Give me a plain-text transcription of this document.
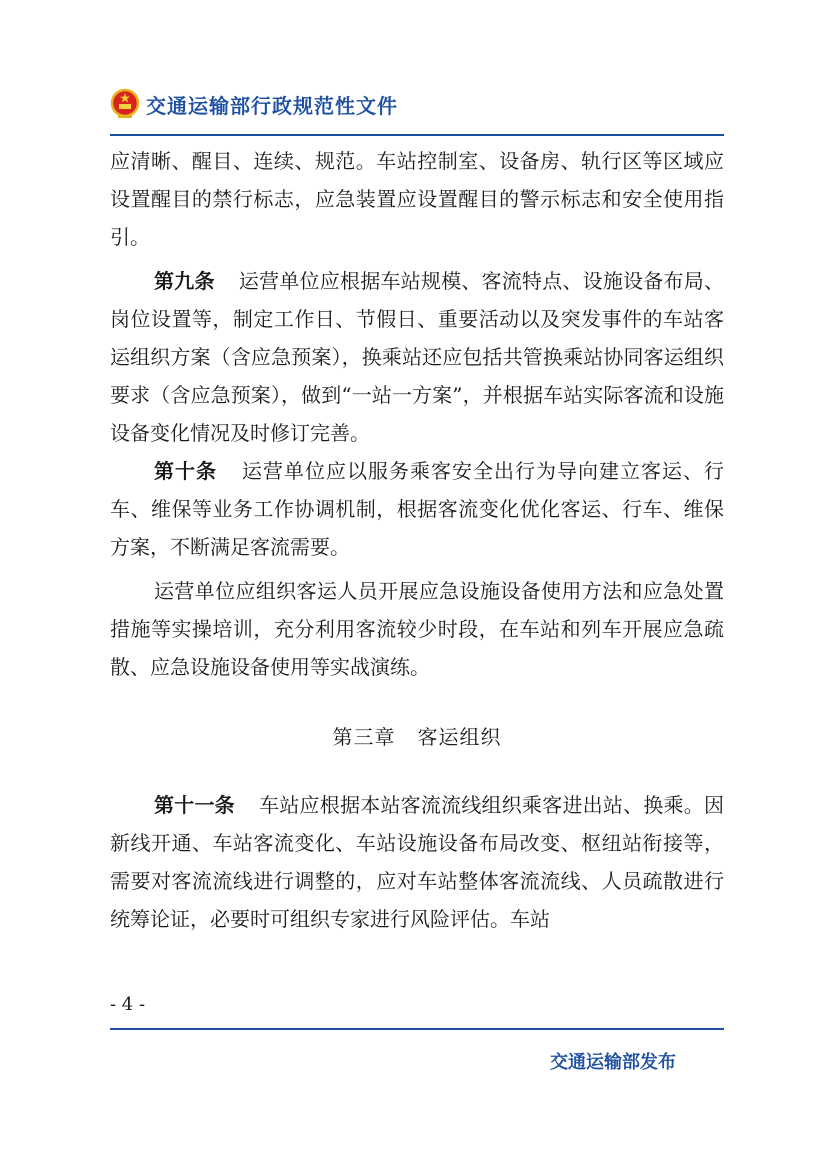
交通运输部行政规范性文件

应清晰、醒目、连续、规范。车站控制室、设备房、轨行区等区域应设置醒目的禁行标志，应急装置应设置醒目的警示标志和安全使用指引。

第九条 运营单位应根据车站规模、客流特点、设施设备布局、岗位设置等，制定工作日、节假日、重要活动以及突发事件的车站客运组织方案（含应急预案），换乘站还应包括共管换乘站协同客运组织要求（含应急预案），做到“一站一方案”，并根据车站实际客流和设施设备变化情况及时修订完善。

第十条 运营单位应以服务乘客安全出行为导向建立客运、行车、维保等业务工作协调机制，根据客流变化优化客运、行车、维保方案，不断满足客流需要。

运营单位应组织客运人员开展应急设施设备使用方法和应急处置措施等实操培训，充分利用客流较少时段，在车站和列车开展应急疏散、应急设施设备使用等实战演练。

第三章 客运组织

第十一条 车站应根据本站客流流线组织乘客进出站、换乘。因新线开通、车站客流变化、车站设施设备布局改变、枢纽站衔接等，需要对客流流线进行调整的，应对车站整体客流流线、人员疏散进行统筹论证，必要时可组织专家进行风险评估。车站

- 4 -
交通运输部发布
